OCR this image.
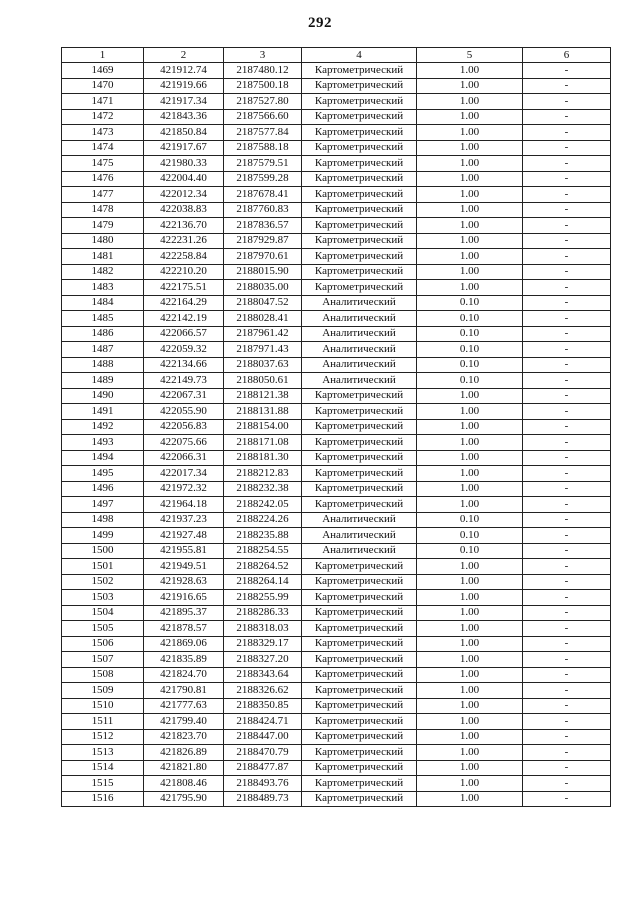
292
1	2	3	4	5	6
1469	421912.74	2187480.12	Картометрический	1.00	-
1470	421919.66	2187500.18	Картометрический	1.00	-
1471	421917.34	2187527.80	Картометрический	1.00	-
1472	421843.36	2187566.60	Картометрический	1.00	-
1473	421850.84	2187577.84	Картометрический	1.00	-
1474	421917.67	2187588.18	Картометрический	1.00	-
1475	421980.33	2187579.51	Картометрический	1.00	-
1476	422004.40	2187599.28	Картометрический	1.00	-
1477	422012.34	2187678.41	Картометрический	1.00	-
1478	422038.83	2187760.83	Картометрический	1.00	-
1479	422136.70	2187836.57	Картометрический	1.00	-
1480	422231.26	2187929.87	Картометрический	1.00	-
1481	422258.84	2187970.61	Картометрический	1.00	-
1482	422210.20	2188015.90	Картометрический	1.00	-
1483	422175.51	2188035.00	Картометрический	1.00	-
1484	422164.29	2188047.52	Аналитический	0.10	-
1485	422142.19	2188028.41	Аналитический	0.10	-
1486	422066.57	2187961.42	Аналитический	0.10	-
1487	422059.32	2187971.43	Аналитический	0.10	-
1488	422134.66	2188037.63	Аналитический	0.10	-
1489	422149.73	2188050.61	Аналитический	0.10	-
1490	422067.31	2188121.38	Картометрический	1.00	-
1491	422055.90	2188131.88	Картометрический	1.00	-
1492	422056.83	2188154.00	Картометрический	1.00	-
1493	422075.66	2188171.08	Картометрический	1.00	-
1494	422066.31	2188181.30	Картометрический	1.00	-
1495	422017.34	2188212.83	Картометрический	1.00	-
1496	421972.32	2188232.38	Картометрический	1.00	-
1497	421964.18	2188242.05	Картометрический	1.00	-
1498	421937.23	2188224.26	Аналитический	0.10	-
1499	421927.48	2188235.88	Аналитический	0.10	-
1500	421955.81	2188254.55	Аналитический	0.10	-
1501	421949.51	2188264.52	Картометрический	1.00	-
1502	421928.63	2188264.14	Картометрический	1.00	-
1503	421916.65	2188255.99	Картометрический	1.00	-
1504	421895.37	2188286.33	Картометрический	1.00	-
1505	421878.57	2188318.03	Картометрический	1.00	-
1506	421869.06	2188329.17	Картометрический	1.00	-
1507	421835.89	2188327.20	Картометрический	1.00	-
1508	421824.70	2188343.64	Картометрический	1.00	-
1509	421790.81	2188326.62	Картометрический	1.00	-
1510	421777.63	2188350.85	Картометрический	1.00	-
1511	421799.40	2188424.71	Картометрический	1.00	-
1512	421823.70	2188447.00	Картометрический	1.00	-
1513	421826.89	2188470.79	Картометрический	1.00	-
1514	421821.80	2188477.87	Картометрический	1.00	-
1515	421808.46	2188493.76	Картометрический	1.00	-
1516	421795.90	2188489.73	Картометрический	1.00	-
